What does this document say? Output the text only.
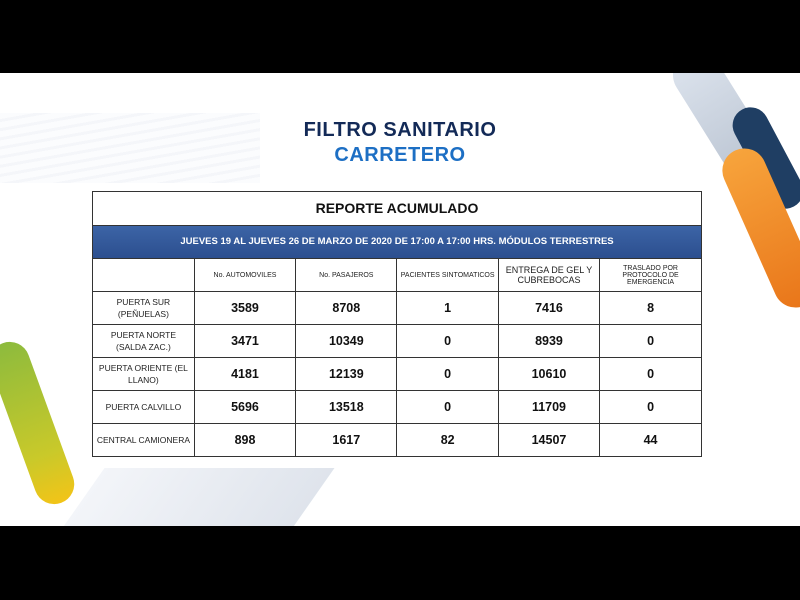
FILTRO SANITARIO
CARRETERO
REPORTE ACUMULADO
JUEVES 19 AL JUEVES 26 DE MARZO DE 2020 DE 17:00 A 17:00 HRS. MÓDULOS TERRESTRES
	No. AUTOMOVILES	No. PASAJEROS	PACIENTES SINTOMATICOS	ENTREGA DE GEL Y CUBREBOCAS	TRASLADO POR PROTOCOLO DE EMERGENCIA
PUERTA SUR (PEÑUELAS)	3589	8708	1	7416	8
PUERTA NORTE (SALDA ZAC.)	3471	10349	0	8939	0
PUERTA ORIENTE (EL LLANO)	4181	12139	0	10610	0
PUERTA CALVILLO	5696	13518	0	11709	0
CENTRAL CAMIONERA	898	1617	82	14507	44
